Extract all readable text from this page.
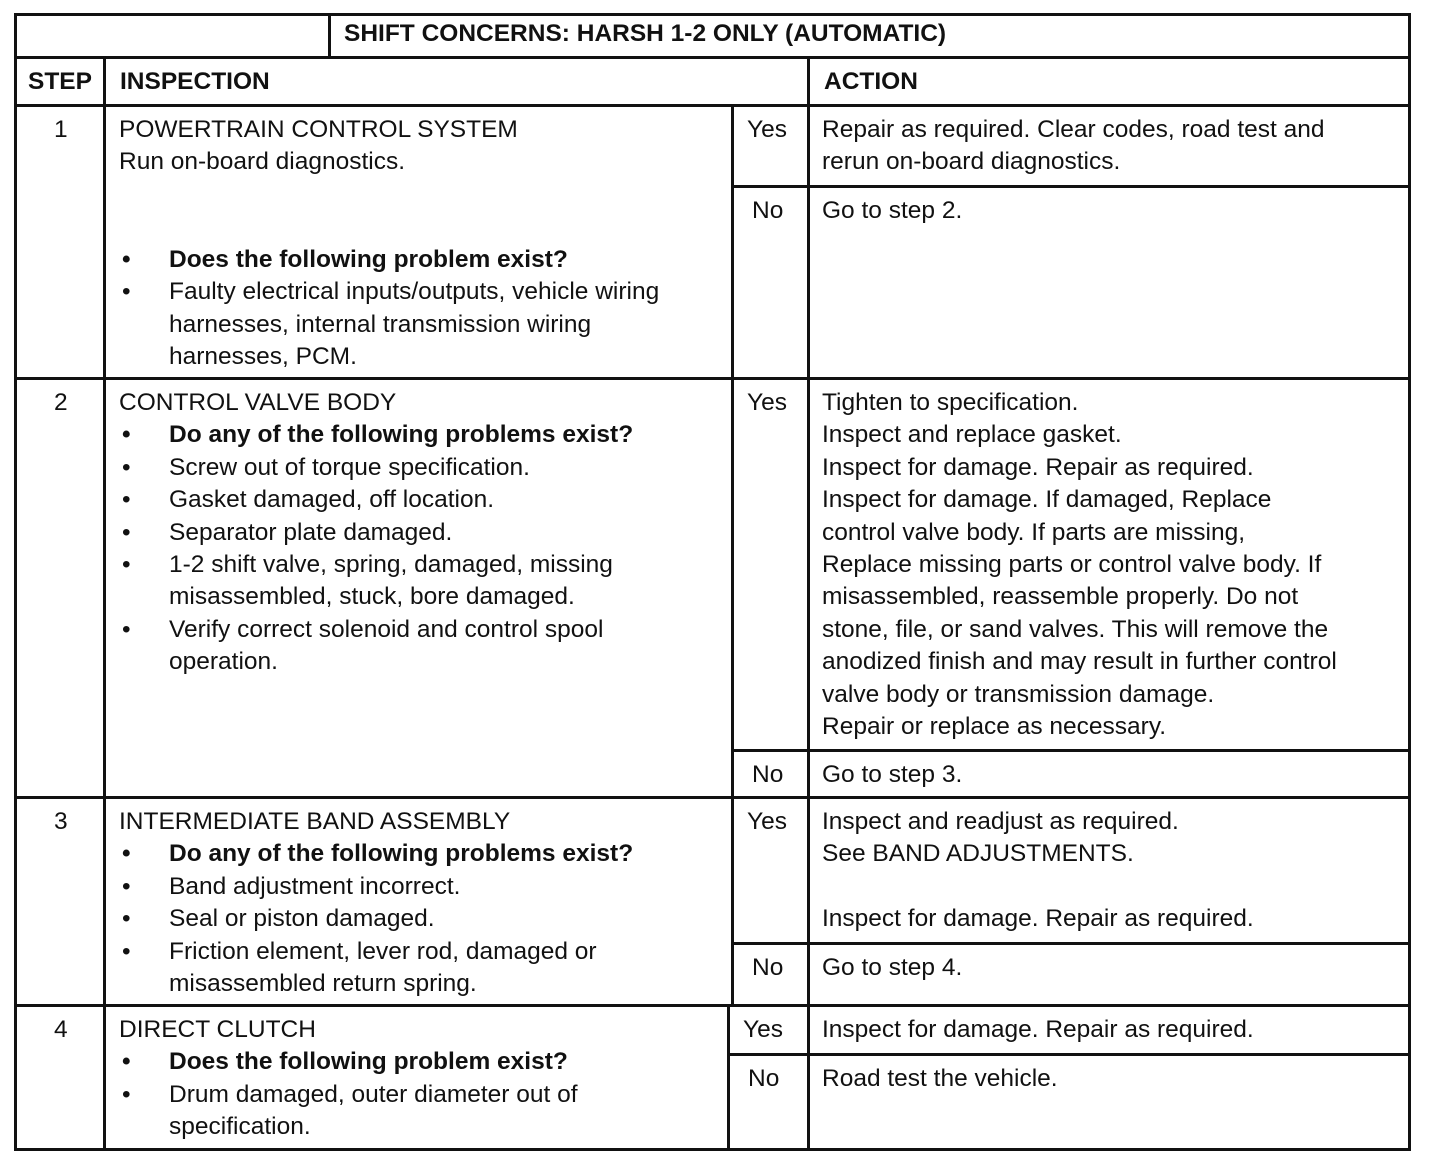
SHIFT CONCERNS: HARSH 1-2 ONLY (AUTOMATIC)
STEP INSPECTION	ACTION
1 POWERTRAIN CONTROL SYSTEM
Run on-board diagnostics.
• Does the following problem exist?
• Faulty electrical inputs/outputs, vehicle wiring
harnesses, internal transmission wiring
harnesses, PCM.
Yes Repair as required. Clear codes, road test and
rerun on-board diagnostics.
No Go to step 2.
2 CONTROL VALVE BODY
• Do any of the following problems exist?
• Screw out of torque specification.
• Gasket damaged, off location.
• Separator plate damaged.
• 1-2 shift valve, spring, damaged, missing
misassembled, stuck, bore damaged.
• Verify correct solenoid and control spool
operation.
Yes Tighten to specification.
Inspect and replace gasket.
Inspect for damage. Repair as required.
Inspect for damage. If damaged, Replace
control valve body. If parts are missing,
Replace missing parts or control valve body. If
misassembled, reassemble properly. Do not
stone, file, or sand valves. This will remove the
anodized finish and may result in further control
valve body or transmission damage.
Repair or replace as necessary.
No Go to step 3.
3 INTERMEDIATE BAND ASSEMBLY
• Do any of the following problems exist?
• Band adjustment incorrect.
• Seal or piston damaged.
• Friction element, lever rod, damaged or
misassembled return spring.
Yes Inspect and readjust as required.
See BAND ADJUSTMENTS.

Inspect for damage. Repair as required.
No Go to step 4.
4 DIRECT CLUTCH
• Does the following problem exist?
• Drum damaged, outer diameter out of
specification.
Yes Inspect for damage. Repair as required.
No Road test the vehicle.
